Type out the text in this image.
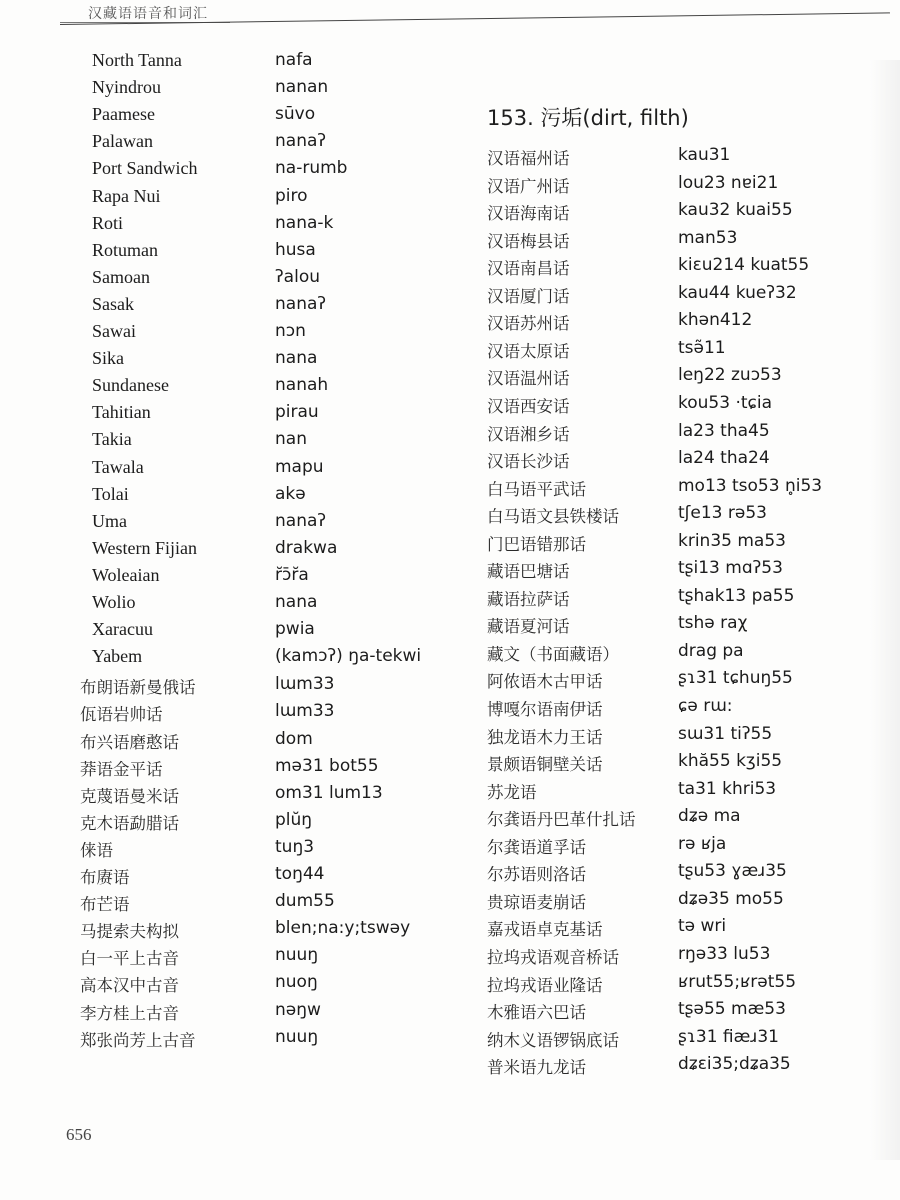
汉藏语语音和词汇
North Tanna	nafa
Nyindrou	nanan
Paamese	sūvo
Palawan	nanaʔ
Port Sandwich	na-rumb
Rapa Nui	piro
Roti	nana-k
Rotuman	husa
Samoan	ʔalou
Sasak	nanaʔ
Sawai	nɔn
Sika	nana
Sundanese	nanah
Tahitian	pirau
Takia	nan
Tawala	mapu
Tolai	akə
Uma	nanaʔ
Western Fijian	drakwa
Woleaian	r̆ɔ̄r̆a
Wolio	nana
Xaracuu	pwia
Yabem	(kamɔʔ) ŋa-tekwi
布朗语新曼俄话	lɯm33
佤语岩帅话	lɯm33
布兴语磨憨话	dom
莽语金平话	mə31 bot55
克蔑语曼米话	om31 lum13
克木语勐腊话	plŭŋ
俫语	tuŋ3
布赓语	toŋ44
布芒语	dum55
马提索夫构拟	blen;na:y;tswəy
白一平上古音	nuuŋ
高本汉中古音	nuoŋ
李方桂上古音	nəŋw
郑张尚芳上古音	nuuŋ
153. 污垢(dirt, filth)
汉语福州话	kau31
汉语广州话	lou23 nɐi21
汉语海南话	kau32 kuai55
汉语梅县话	man53
汉语南昌话	kiɛu214 kuat55
汉语厦门话	kau44 kueʔ32
汉语苏州话	khən412
汉语太原话	tsə̃11
汉语温州话	leŋ22 zuɔ53
汉语西安话	kou53 ·tɕia
汉语湘乡话	la23 tha45
汉语长沙话	la24 tha24
白马语平武话	mo13 tso53 n̥i53
白马语文县铁楼话	tʃe13 rə53
门巴语错那话	krin35 ma53
藏语巴塘话	tʂi13 mɑʔ53
藏语拉萨话	tʂhak13 pa55
藏语夏河话	tshə raχ
藏文（书面藏语）	drag pa
阿侬语木古甲话	ʂɿ31 tɕhuŋ55
博嘎尔语南伊话	ɕə rɯ:
独龙语木力王话	sɯ31 tiʔ55
景颇语铜壁关话	khă55 kʒi55
苏龙语	ta31 khri53
尔龚语丹巴革什扎话	dʑə ma
尔龚语道孚话	rə ʁja
尔苏语则洛话	tʂu53 ɣæɹ35
贵琼语麦崩话	dʑə35 mo55
嘉戎语卓克基话	tə wri
拉坞戎语观音桥话	rŋə33 lu53
拉坞戎语业隆话	ʁrut55;ʁrət55
木雅语六巴话	tʂə55 mæ53
纳木义语锣锅底话	ʂɿ31 fiæɹ31
普米语九龙话	dʑɛi35;dʑa35
656
